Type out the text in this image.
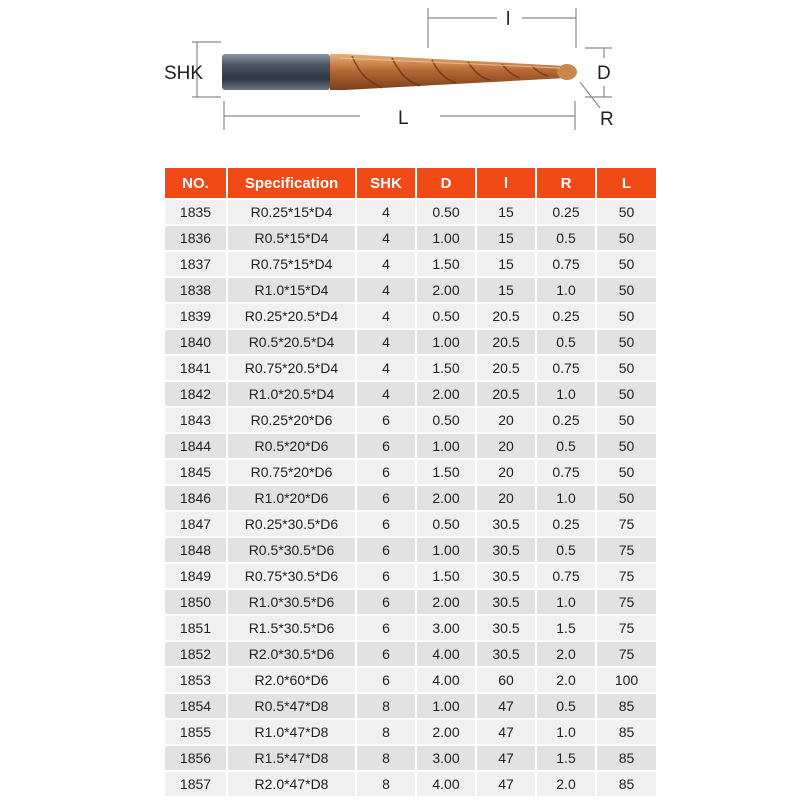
SHK
l
D
L	R
NO.	Specification	SHK	D	l	R	L
1835	R0.25*15*D4	4	0.50	15	0.25	50
1836	R0.5*15*D4	4	1.00	15	0.5	50
1837	R0.75*15*D4	4	1.50	15	0.75	50
1838	R1.0*15*D4	4	2.00	15	1.0	50
1839	R0.25*20.5*D4	4	0.50	20.5	0.25	50
1840	R0.5*20.5*D4	4	1.00	20.5	0.5	50
1841	R0.75*20.5*D4	4	1.50	20.5	0.75	50
1842	R1.0*20.5*D4	4	2.00	20.5	1.0	50
1843	R0.25*20*D6	6	0.50	20	0.25	50
1844	R0.5*20*D6	6	1.00	20	0.5	50
1845	R0.75*20*D6	6	1.50	20	0.75	50
1846	R1.0*20*D6	6	2.00	20	1.0	50
1847	R0.25*30.5*D6	6	0.50	30.5	0.25	75
1848	R0.5*30.5*D6	6	1.00	30.5	0.5	75
1849	R0.75*30.5*D6	6	1.50	30.5	0.75	75
1850	R1.0*30.5*D6	6	2.00	30.5	1.0	75
1851	R1.5*30.5*D6	6	3.00	30.5	1.5	75
1852	R2.0*30.5*D6	6	4.00	30.5	2.0	75
1853	R2.0*60*D6	6	4.00	60	2.0	100
1854	R0.5*47*D8	8	1.00	47	0.5	85
1855	R1.0*47*D8	8	2.00	47	1.0	85
1856	R1.5*47*D8	8	3.00	47	1.5	85
1857	R2.0*47*D8	8	4.00	47	2.0	85
